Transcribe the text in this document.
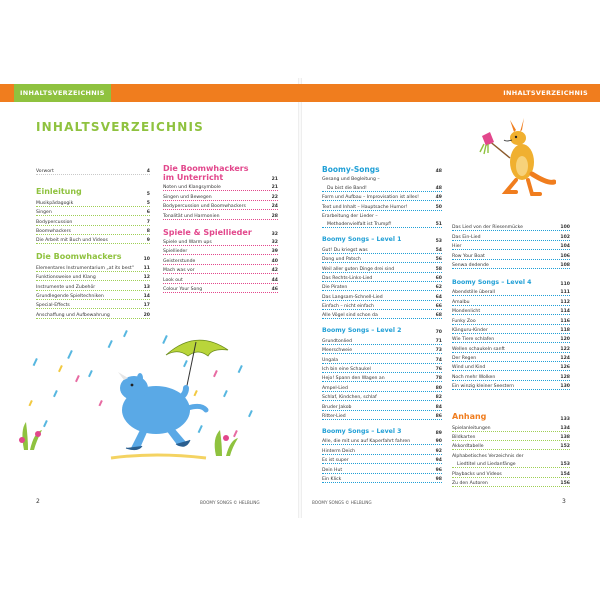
INHALTSVERZEICHNIS	INHALTSVERZEICHNIS
INHALTSVERZEICHNIS
Vorwort	4
Einleitung	5
Musikpädagogik	5
Singen	6
Bodypercussion	7
Boomwhackers	8
Die Arbeit mit Buch und Videos	9
Die Boomwhackers	10
Elementares Instrumentarium „at its best"	11
Funktionsweise und Klang	12
Instrumente und Zubehör	13
Grundlegende Spieltechniken	14
Special-Effects	17
Anschaffung und Aufbewahrung	20
Die Boomwhackers
im Unterricht	21
Noten und Klangsymbole	21
Singen und Bewegen	22
Bodypercussion und Boomwhackers	24
Tonalität und Harmonien	28
Spiele & Spiellieder	32
Spiele und Warm ups	32
Spiellieder	39
Geisterstunde	40
Mach was vor	42
Look out	44
Colour Your Song	46
Boomy-Songs	48
Gesang und Begleitung –
Du bist die Band!	48
Form und Aufbau – Improvisation ist alles!	49
Text und Inhalt – Hauptsache Humor!	50
Erarbeitung der Lieder –
Methodenvielfalt ist Trumpf!	51
Boomy Songs – Level 1	53
Gut! Du kriegst was	54
Dong und Patsch	56
Weil aller guten Dinge drei sind	58
Das Rechts-Links-Lied	60
Die Piraten	62
Das Langsam-Schnell-Lied	64
Einfach – nicht einfach	66
Alle Vögel sind schon da	68
Boomy Songs – Level 2	70
Grundtonlied	71
Meerschweie	73
Ungala	74
Ich bin eine Schaukel	76
Hejo! Spann den Wagen an	78
Ampel-Lied	80
Schlaf, Kindchen, schlaf	82
Bruder Jakob	84
Ritter-Lied	86
Boomy Songs – Level 3	89
Alle, die mit uns auf Kaperfahrt fahren	90
Hinterm Deich	92
Es ist super	94
Dein Hut	96
Ein Klick	98
Das Lied von der Riesenmücke	100
Das Ein-Lied	102
Hier	104
Row Your Boat	106
Senwa dedende	108
Boomy Songs – Level 4	110
Abendstille überall	111
Amalbu	112
Mondenlicht	114
Funky Zoo	116
Känguru-Kinder	118
Wie Tiere schlafen	120
Wellen schaukeln sanft	122
Der Regen	124
Wind und Kind	126
Noch mehr Wolken	128
Ein winzig kleiner Seestern	130
Anhang	133
Spielanleitungen	134
Bildkarten	138
Akkordtabelle	152
Alphabetisches Verzeichnis der
Liedtitel und Liedanfänge	153
Playbacks und Videos	154
Zu den Autoren	156
2	BOOMY SONGS © HELBLING	BOOMY SONGS © HELBLING	3
